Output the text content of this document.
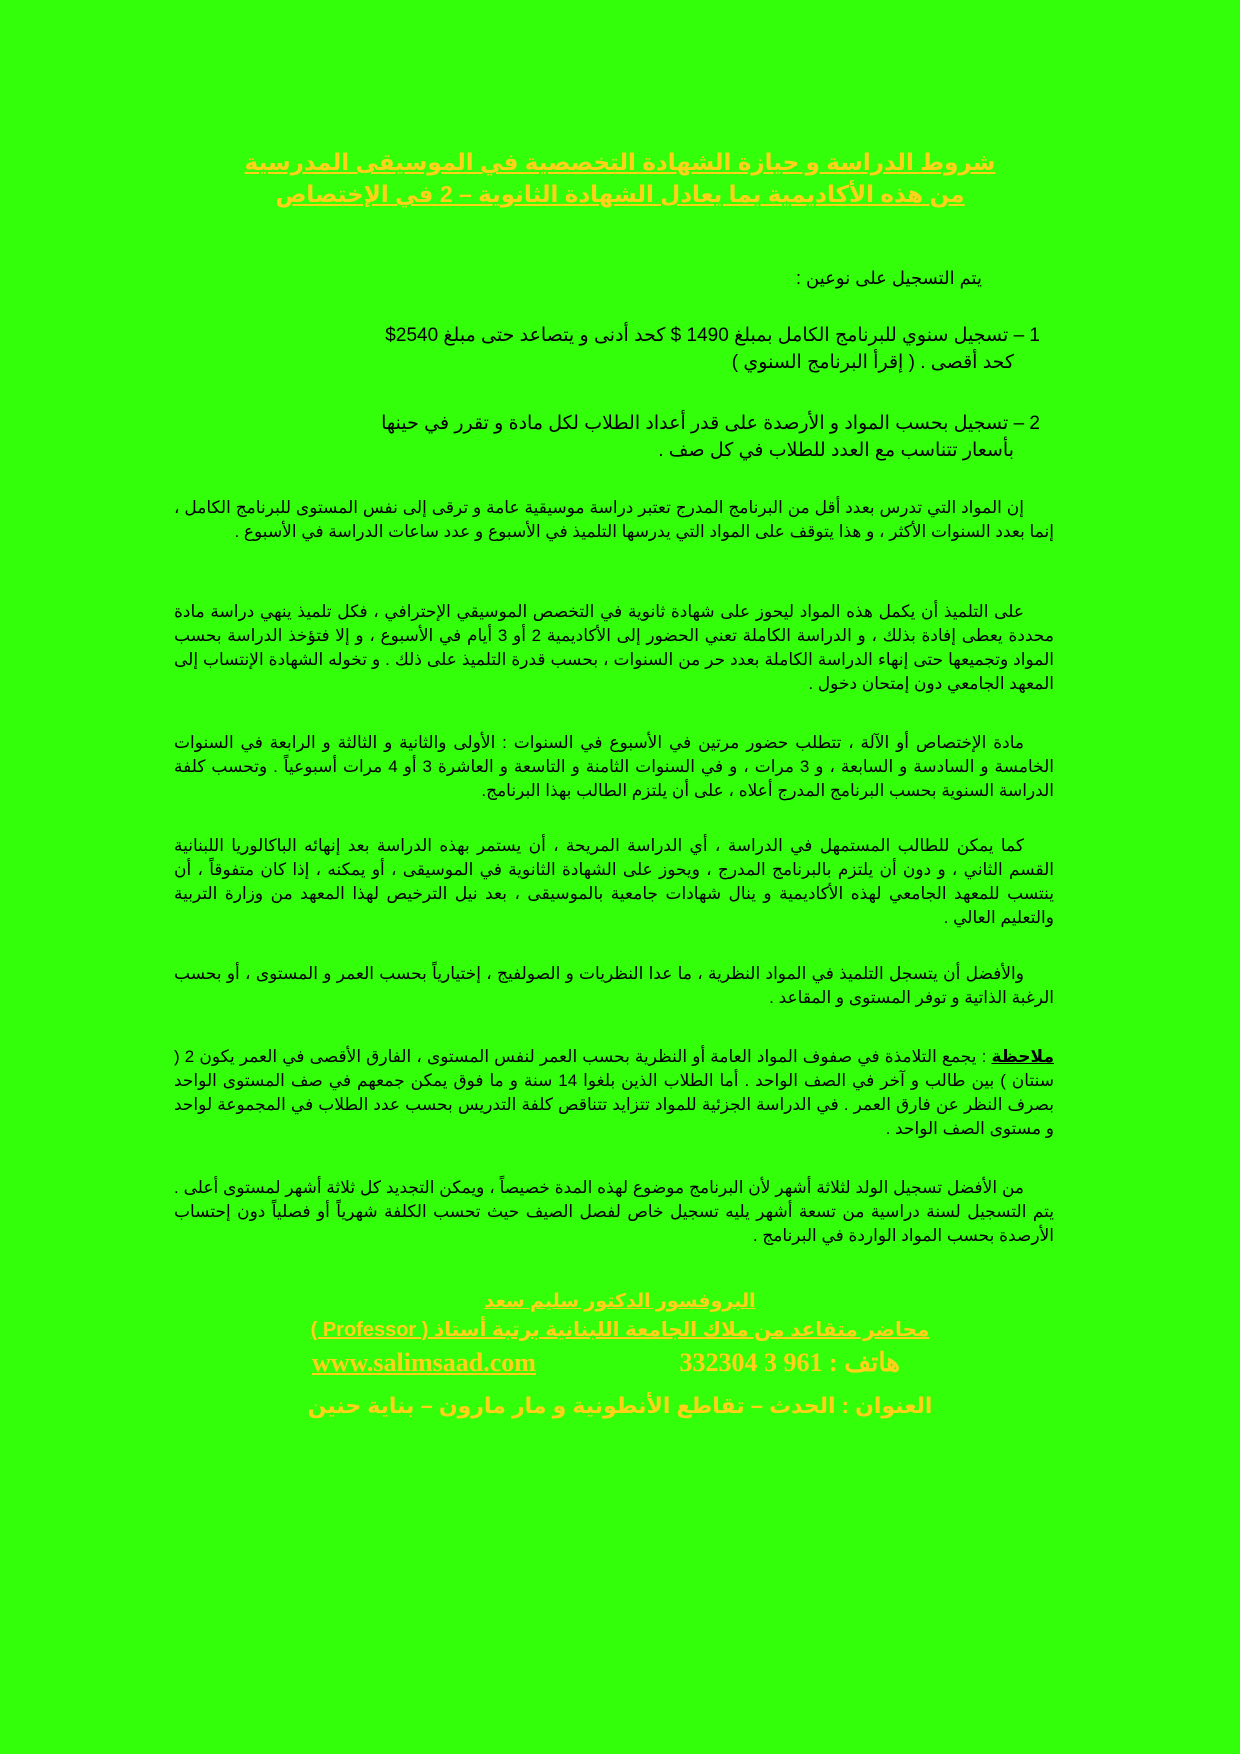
شروط الدراسة و حيازة الشهادة التخصصية في الموسيقى المدرسية
من هذه الأكاديمية بما يعادل الشهادة الثانوية – 2 في الإختصاص
يتم التسجيل على نوعين :
1 – تسجيل سنوي للبرنامج الكامل بمبلغ 1490 $ كحد أدنى و يتصاعد حتى مبلغ 2540$
كحد أقصى . ( إقرأ البرنامج السنوي )
2 – تسجيل بحسب المواد و الأرصدة على قدر أعداد الطلاب لكل مادة و تقرر في حينها
بأسعار تتناسب مع العدد للطلاب في كل صف .
إن المواد التي تدرس بعدد أقل من البرنامج المدرج تعتبر دراسة موسيقية عامة و ترقى إلى نفس المستوى للبرنامج الكامل ، إنما بعدد السنوات الأكثر ، و هذا يتوقف على المواد التي يدرسها التلميذ في الأسبوع و عدد ساعات الدراسة في الأسبوع .
على التلميذ أن يكمل هذه المواد ليحوز على شهادة ثانوية في التخصص الموسيقي الإحترافي ، فكل تلميذ ينهي دراسة مادة محددة يعطى إفادة بذلك ، و الدراسة الكاملة تعني الحضور إلى الأكاديمية 2 أو 3 أيام في الأسبوع ، و إلا فتؤخذ الدراسة بحسب المواد وتجميعها حتى إنهاء الدراسة الكاملة بعدد حر من السنوات ، بحسب قدرة التلميذ على ذلك . و تخوله الشهادة الإنتساب إلى المعهد الجامعي دون إمتحان دخول .
مادة الإختصاص أو الآلة ، تتطلب حضور مرتين في الأسبوع في السنوات : الأولى والثانية و الثالثة و الرابعة في السنوات الخامسة و السادسة و السابعة ، و 3 مرات ، و في السنوات الثامنة و التاسعة و العاشرة 3 أو 4 مرات أسبوعياً . وتحسب كلفة الدراسة السنوية بحسب البرنامج المدرج أعلاه ، على أن يلتزم الطالب بهذا البرنامج.
كما يمكن للطالب المستمهل في الدراسة ، أي الدراسة المريحة ، أن يستمر بهذه الدراسة بعد إنهائه الباكالوريا اللبنانية القسم الثاني ، و دون أن يلتزم بالبرنامج المدرج ، ويحوز على الشهادة الثانوية في الموسيقى ، أو يمكنه ، إذا كان متفوقاً ، أن ينتسب للمعهد الجامعي لهذه الأكاديمية و ينال شهادات جامعية بالموسيقى ، بعد نيل الترخيص لهذا المعهد من وزارة التربية والتعليم العالي .
والأفضل أن يتسجل التلميذ في المواد النظرية ، ما عدا النظريات و الصولفيج ، إختيارياً بحسب العمر و المستوى ، أو بحسب الرغبة الذاتية و توفر المستوى و المقاعد .
ملاحظة : يجمع التلامذة في صفوف المواد العامة أو النظرية بحسب العمر لنفس المستوى ، الفارق الأقصى في العمر يكون 2 ( سنتان ) بين طالب و آخر في الصف الواحد . أما الطلاب الذين بلغوا 14 سنة و ما فوق يمكن جمعهم في صف المستوى الواحد بصرف النظر عن فارق العمر . في الدراسة الجزئية للمواد تتزايد تتناقص كلفة التدريس بحسب عدد الطلاب في المجموعة لواحد و مستوى الصف الواحد .
من الأفضل تسجيل الولد لثلاثة أشهر لأن البرنامج موضوع لهذه المدة خصيصاً ، ويمكن التجديد كل ثلاثة أشهر لمستوى أعلى . يتم التسجيل لسنة دراسية من تسعة أشهر يليه تسجيل خاص لفصل الصيف حيث تحسب الكلفة شهرياً أو فصلياً دون إحتساب الأرصدة بحسب المواد الواردة في البرنامج .
البروفسور الدكتور سليم سعد
محاضر متقاعد من ملاك الجامعة اللبنانية برتبة أستاذ ( Professor )
www.salimsaad.com	هاتف : 961 3 332304
العنوان : الحدث – تقاطع الأنطونية و مار مارون – بناية حنين
